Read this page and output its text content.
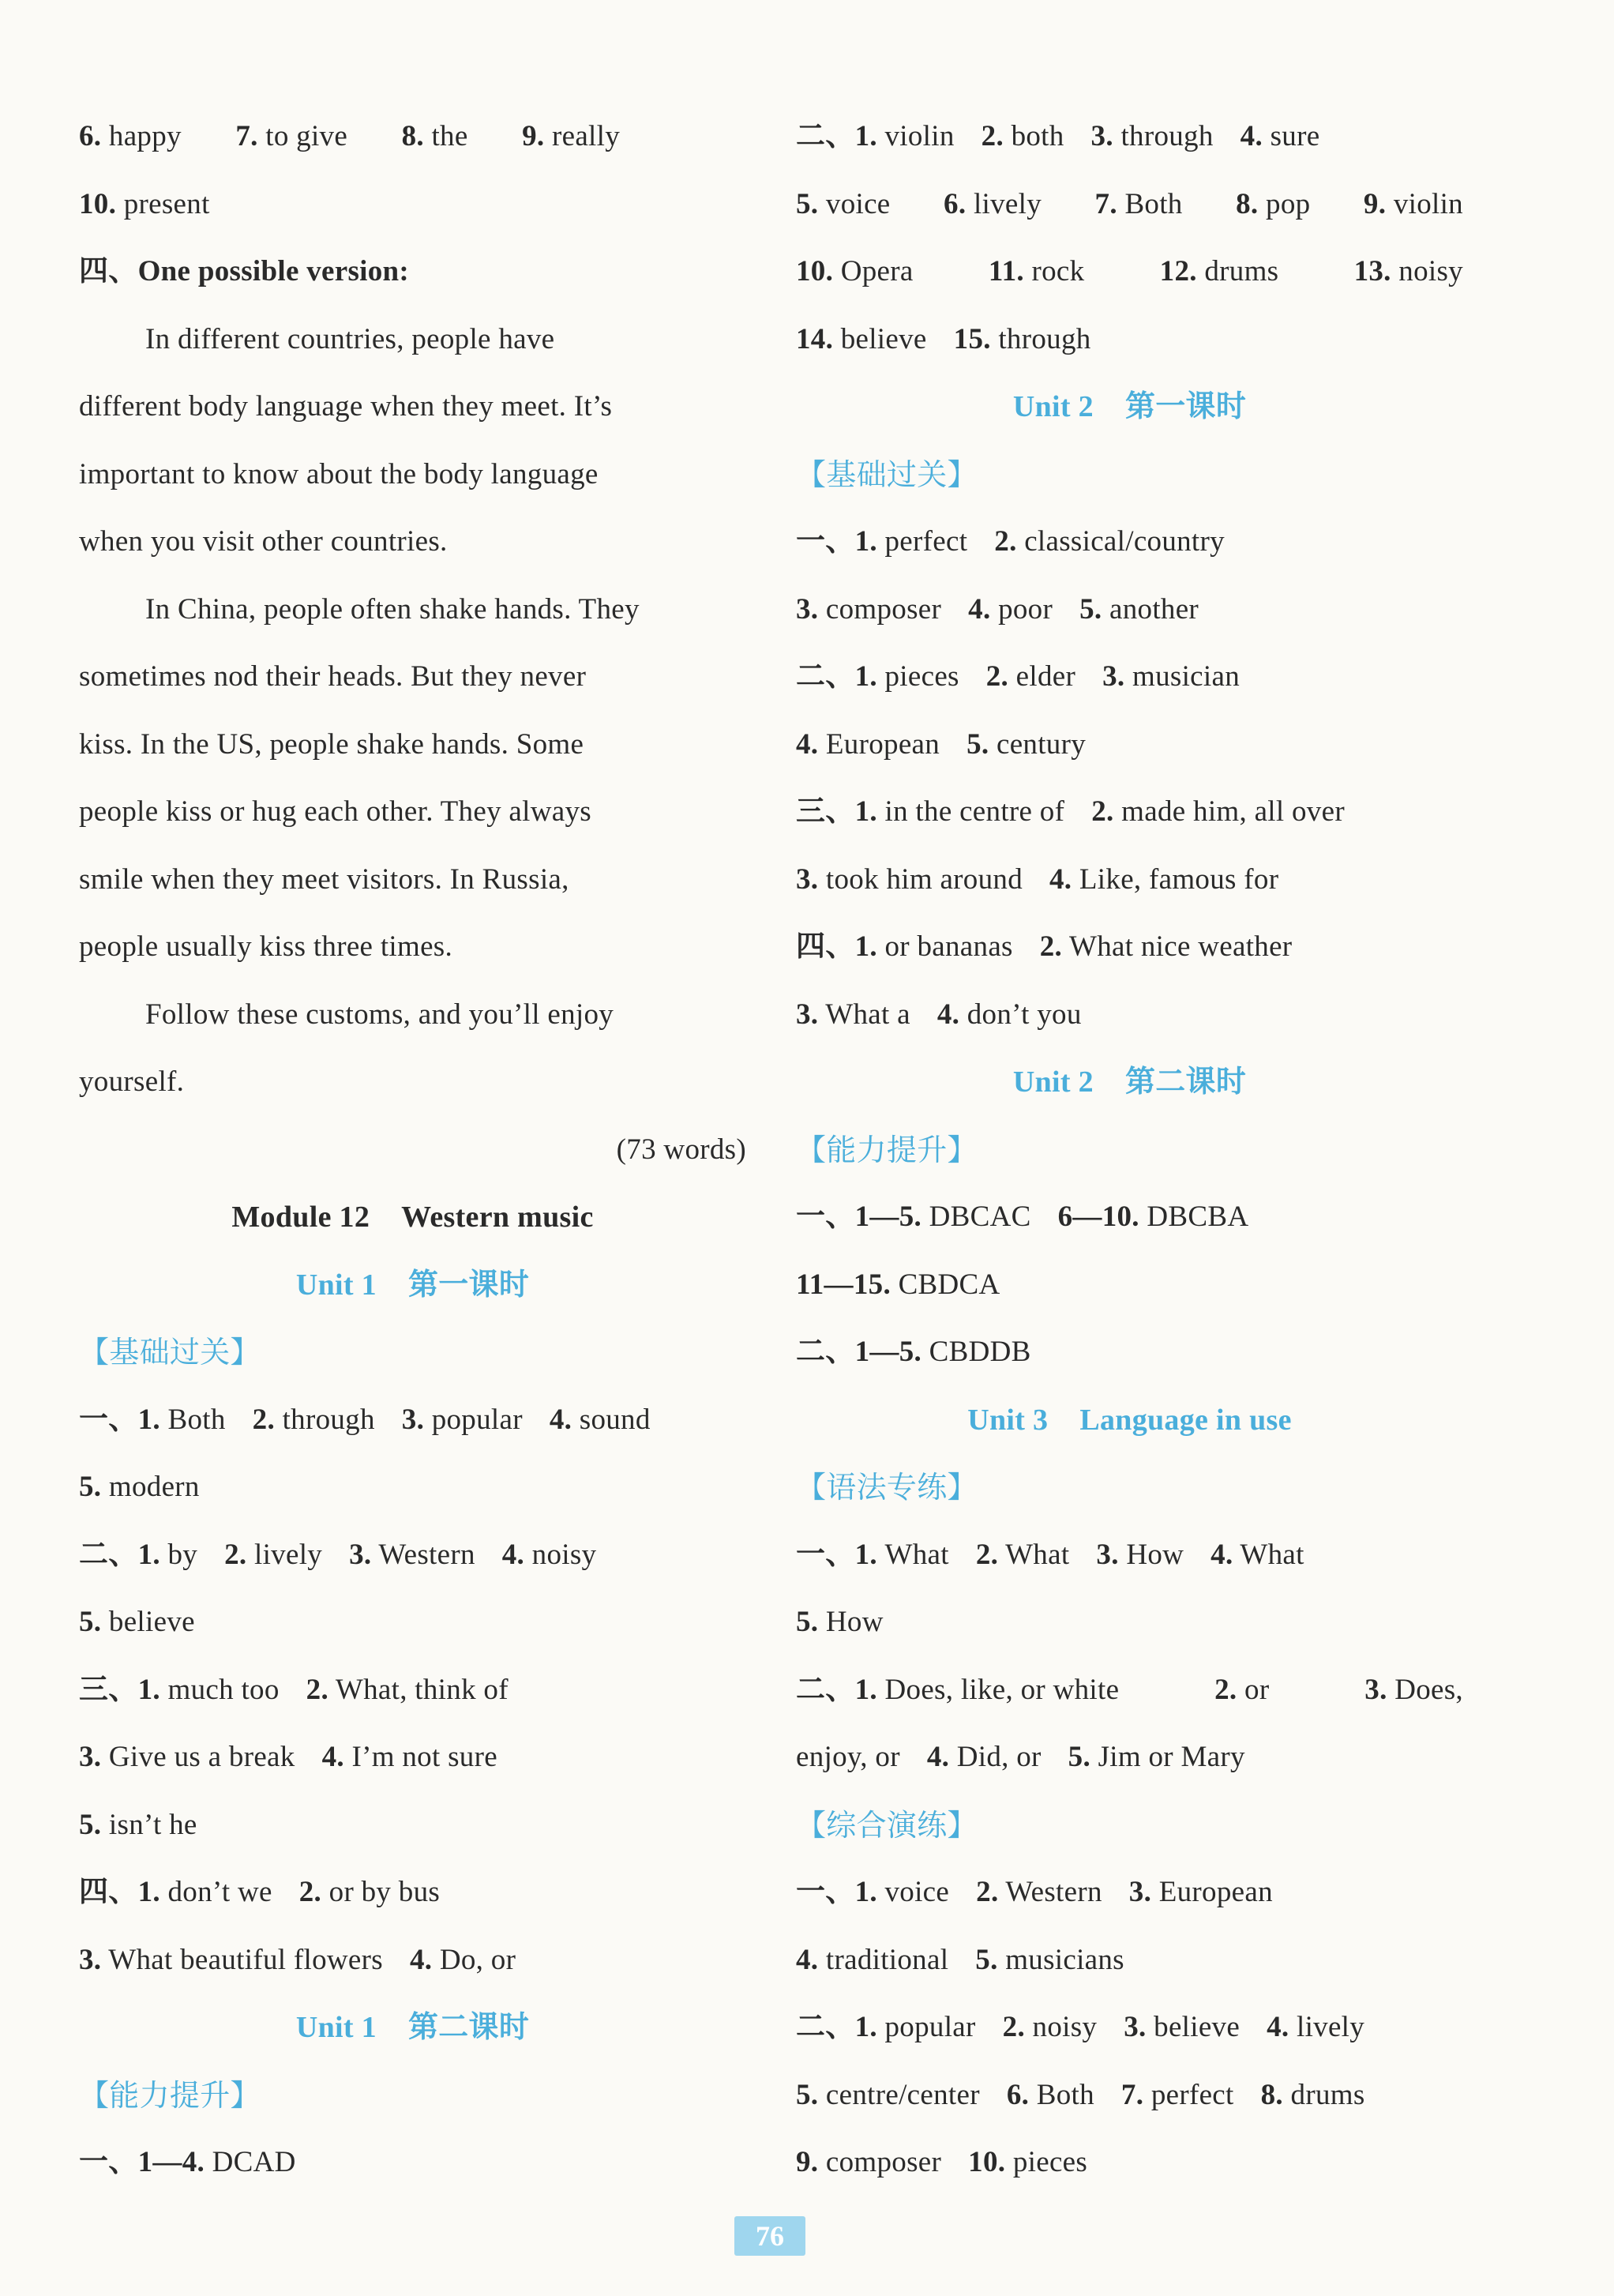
6. happy 7. to give 8. the 9. really
10. present
四、One possible version:
In different countries, people have
different body language when they meet. It’s
important to know about the body language
when you visit other countries.
In China, people often shake hands. They
sometimes nod their heads. But they never
kiss. In the US, people shake hands. Some
people kiss or hug each other. They always
smile when they meet visitors. In Russia,
people usually kiss three times.
Follow these customs, and you’ll enjoy
yourself.
(73 words)
Module 12 Western music
Unit 1 第一课时
【基础过关】
一、1. Both 2. through 3. popular 4. sound
5. modern
二、1. by 2. lively 3. Western 4. noisy
5. believe
三、1. much too 2. What, think of
3. Give us a break 4. I’m not sure
5. isn’t he
四、1. don’t we 2. or by bus
3. What beautiful flowers 4. Do, or
Unit 1 第二课时
【能力提升】
一、1—4. DCAD
二、1. violin 2. both 3. through 4. sure
5. voice 6. lively 7. Both 8. pop 9. violin
10. Opera	11. rock	12. drums	13. noisy
14. believe 15. through
Unit 2 第一课时
【基础过关】
一、1. perfect 2. classical/country
3. composer 4. poor 5. another
二、1. pieces 2. elder 3. musician
4. European 5. century
三、1. in the centre of 2. made him, all over
3. took him around 4. Like, famous for
四、1. or bananas 2. What nice weather
3. What a 4. don’t you
Unit 2 第二课时
【能力提升】
一、1—5. DBCAC 6—10. DBCBA
11—15. CBDCA
二、1—5. CBDDB
Unit 3 Language in use
【语法专练】
一、1. What 2. What 3. How 4. What
5. How
二、1. Does, like, or white	2. or	3. Does,
enjoy, or 4. Did, or 5. Jim or Mary
【综合演练】
一、1. voice 2. Western 3. European
4. traditional 5. musicians
二、1. popular 2. noisy 3. believe 4. lively
5. centre/center 6. Both 7. perfect 8. drums
9. composer 10. pieces
76
